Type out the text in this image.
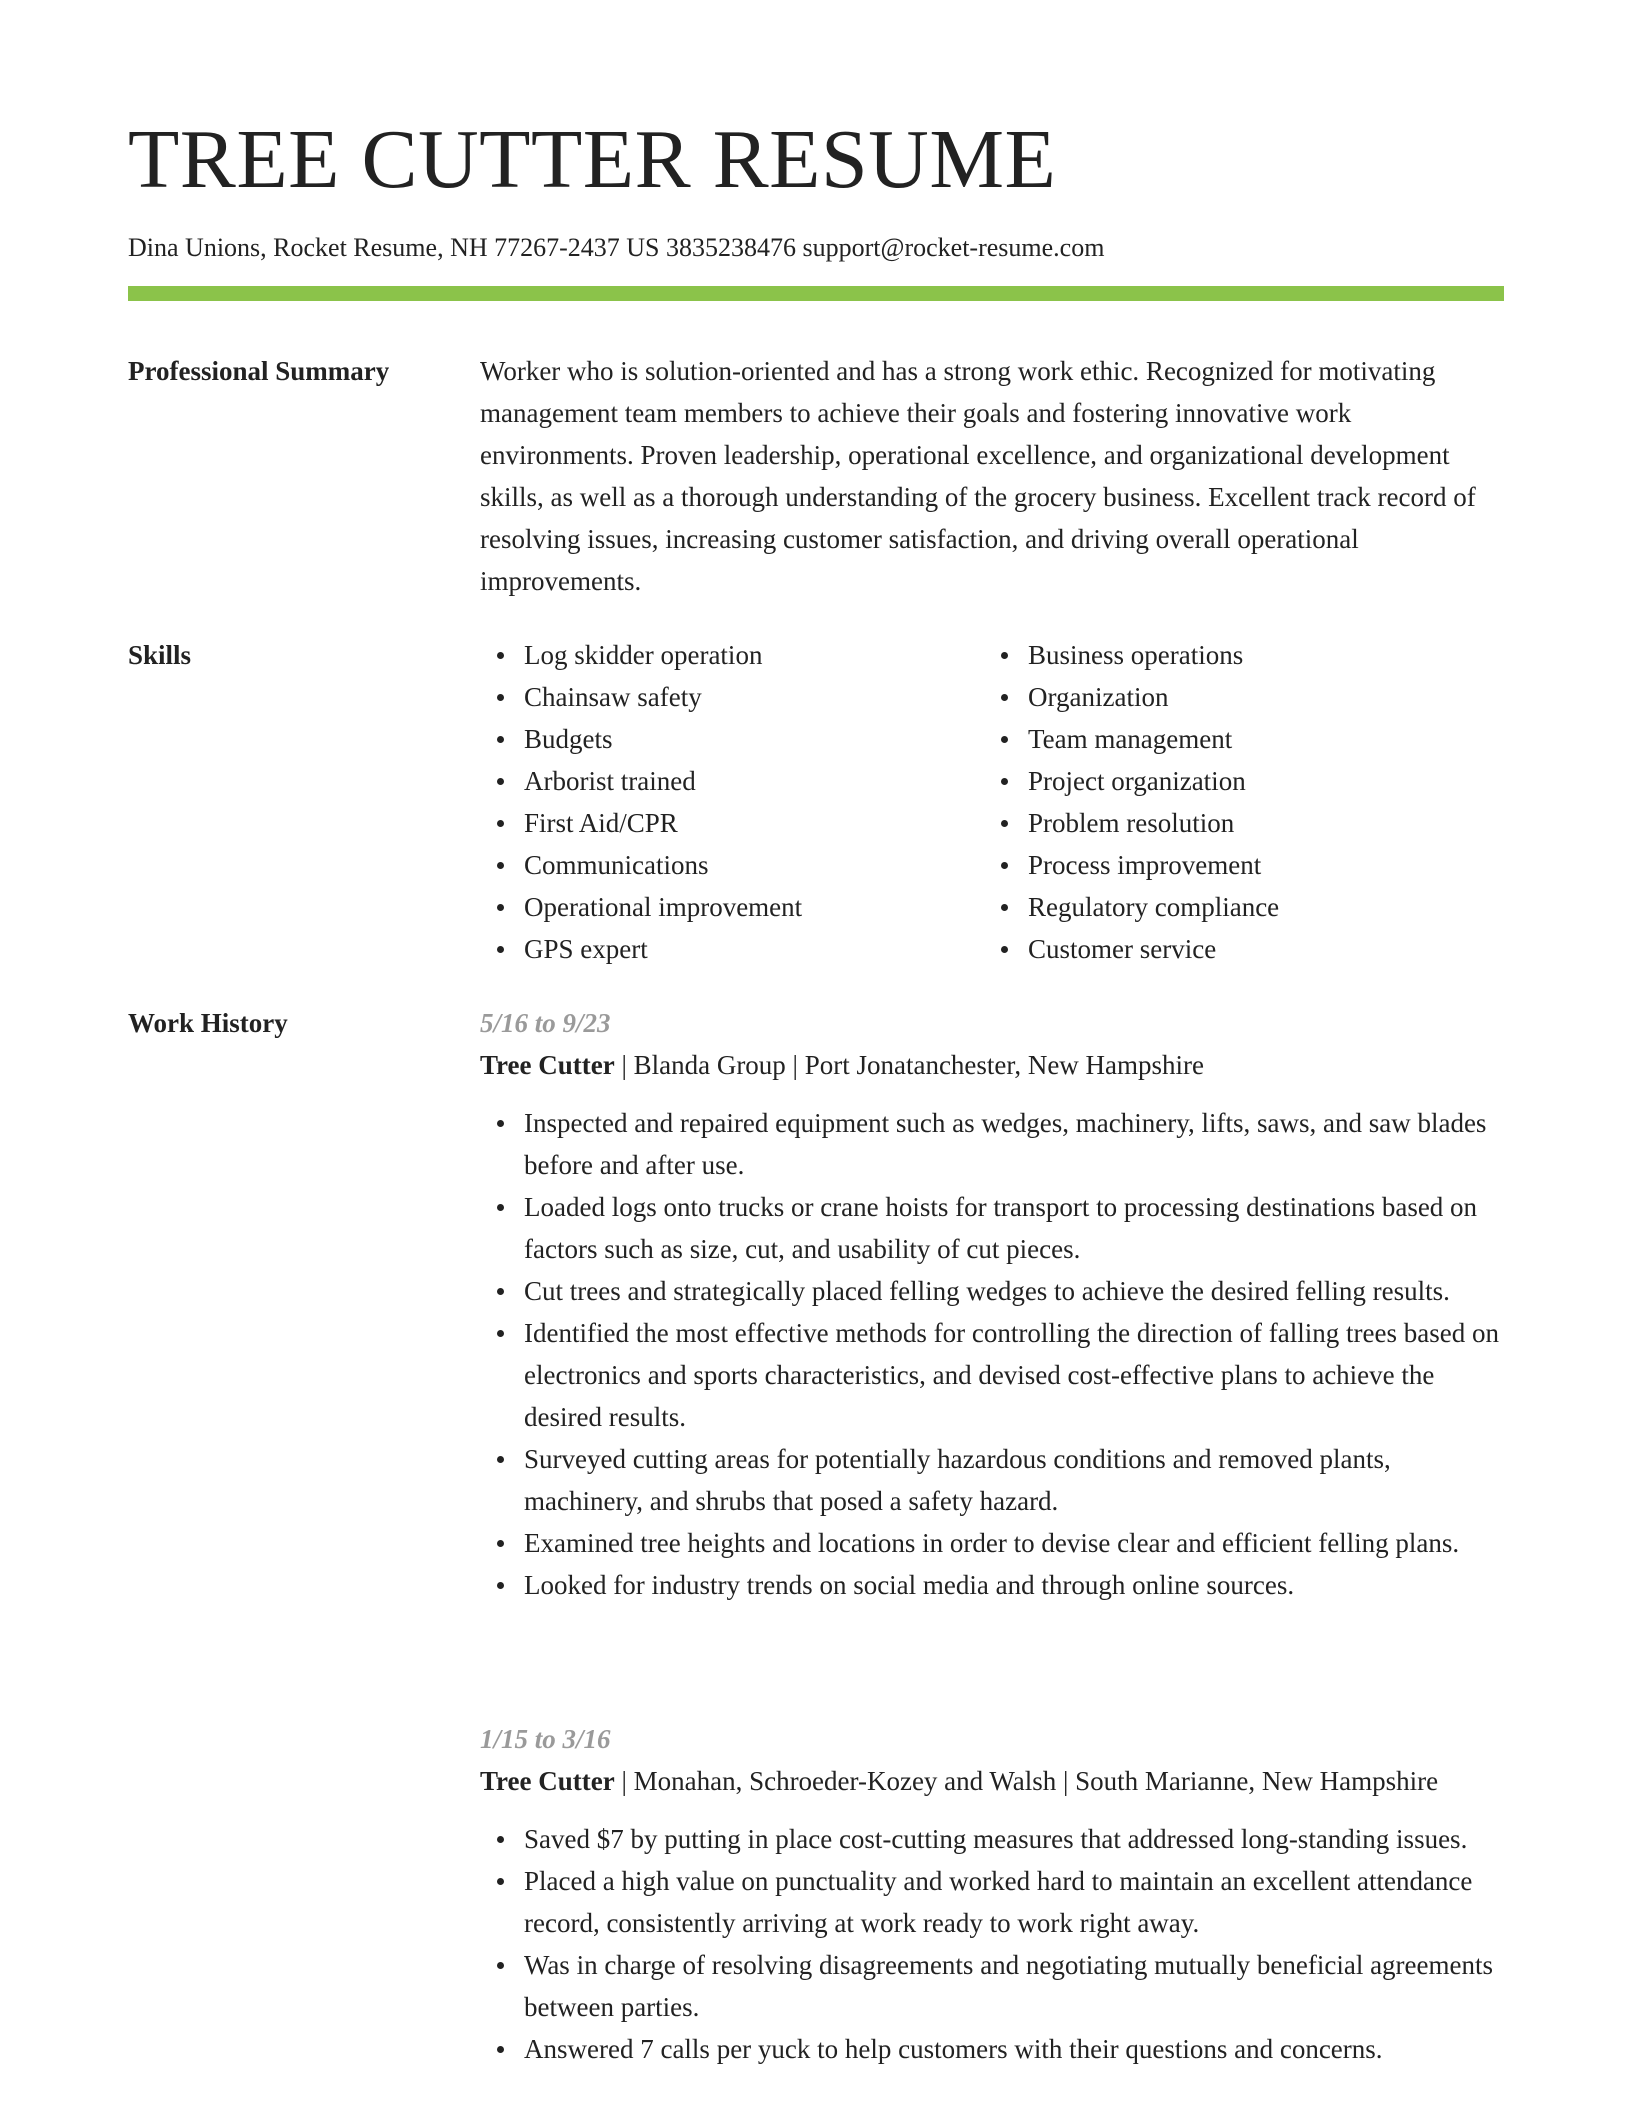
TREE CUTTER RESUME
Dina Unions, Rocket Resume, NH 77267-2437 US 3835238476 support@rocket-resume.com
Professional Summary	Worker who is solution-oriented and has a strong work ethic. Recognized for motivating management team members to achieve their goals and fostering innovative work environments. Proven leadership, operational excellence, and organizational development skills, as well as a thorough understanding of the grocery business. Excellent track record of resolving issues, increasing customer satisfaction, and driving overall operational improvements.

Skills	Log skidder operation
Chainsaw safety
Budgets
Arborist trained
First Aid/CPR
Communications
Operational improvement
GPS expert
Business operations
Organization
Team management
Project organization
Problem resolution
Process improvement
Regulatory compliance
Customer service
Work History	5/16 to 9/23
Tree Cutter | Blanda Group | Port Jonatanchester, New Hampshire
Inspected and repaired equipment such as wedges, machinery, lifts, saws, and saw blades before and after use.
Loaded logs onto trucks or crane hoists for transport to processing destinations based on factors such as size, cut, and usability of cut pieces.
Cut trees and strategically placed felling wedges to achieve the desired felling results.
Identified the most effective methods for controlling the direction of falling trees based on electronics and sports characteristics, and devised cost-effective plans to achieve the desired results.
Surveyed cutting areas for potentially hazardous conditions and removed plants, machinery, and shrubs that posed a safety hazard.
Examined tree heights and locations in order to devise clear and efficient felling plans.
Looked for industry trends on social media and through online sources.
1/15 to 3/16
Tree Cutter | Monahan, Schroeder-Kozey and Walsh | South Marianne, New Hampshire
Saved $7 by putting in place cost-cutting measures that addressed long-standing issues.
Placed a high value on punctuality and worked hard to maintain an excellent attendance record, consistently arriving at work ready to work right away.
Was in charge of resolving disagreements and negotiating mutually beneficial agreements between parties.
Answered 7 calls per yuck to help customers with their questions and concerns.
